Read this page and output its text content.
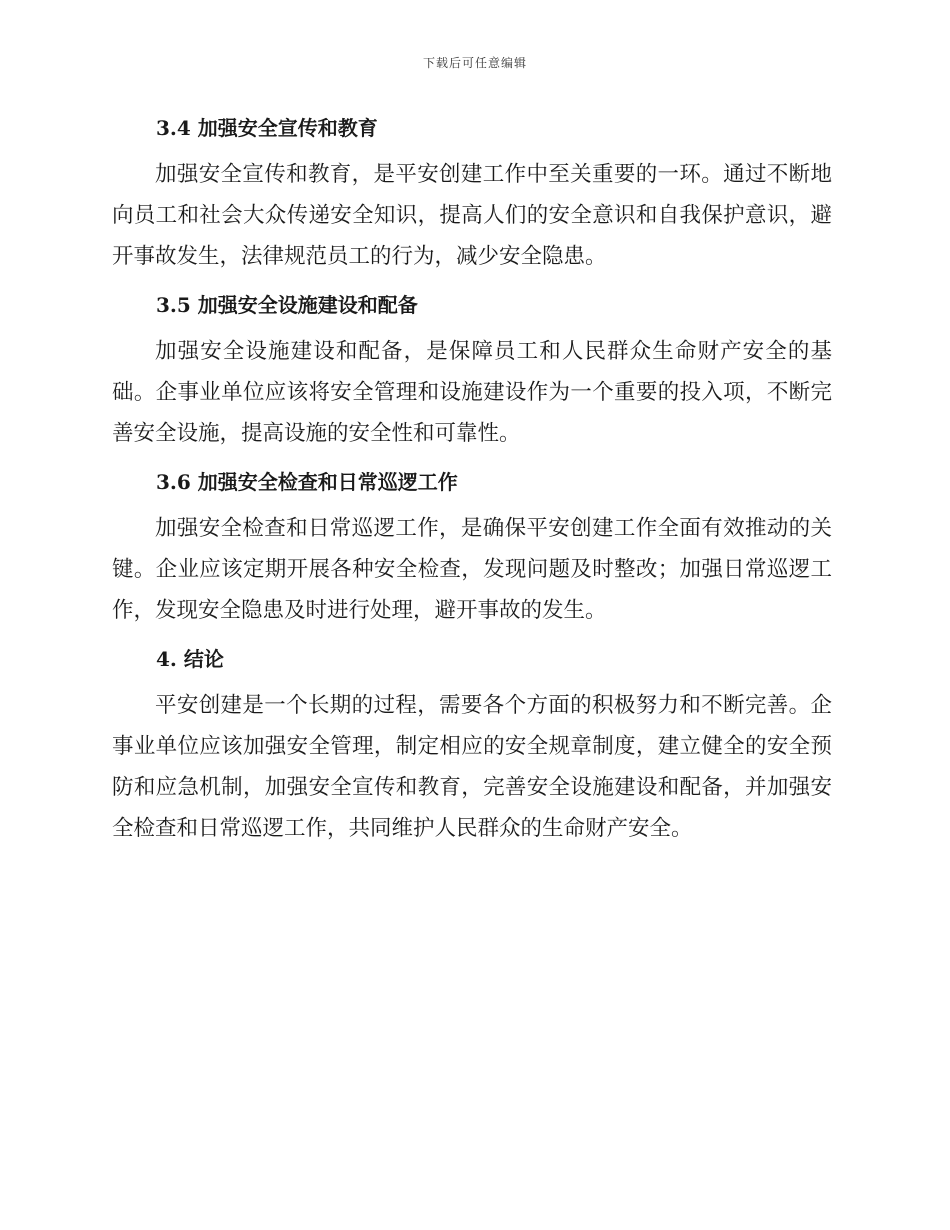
下载后可任意编辑
3.4 加强安全宣传和教育

加强安全宣传和教育，是平安创建工作中至关重要的一环。通过不断地向员工和社会大众传递安全知识，提高人们的安全意识和自我保护意识，避开事故发生，法律规范员工的行为，减少安全隐患。

3.5 加强安全设施建设和配备

加强安全设施建设和配备，是保障员工和人民群众生命财产安全的基础。企事业单位应该将安全管理和设施建设作为一个重要的投入项，不断完善安全设施，提高设施的安全性和可靠性。

3.6 加强安全检查和日常巡逻工作

加强安全检查和日常巡逻工作，是确保平安创建工作全面有效推动的关键。企业应该定期开展各种安全检查，发现问题及时整改；加强日常巡逻工作，发现安全隐患及时进行处理，避开事故的发生。

4. 结论

平安创建是一个长期的过程，需要各个方面的积极努力和不断完善。企事业单位应该加强安全管理，制定相应的安全规章制度，建立健全的安全预防和应急机制，加强安全宣传和教育，完善安全设施建设和配备，并加强安全检查和日常巡逻工作，共同维护人民群众的生命财产安全。
